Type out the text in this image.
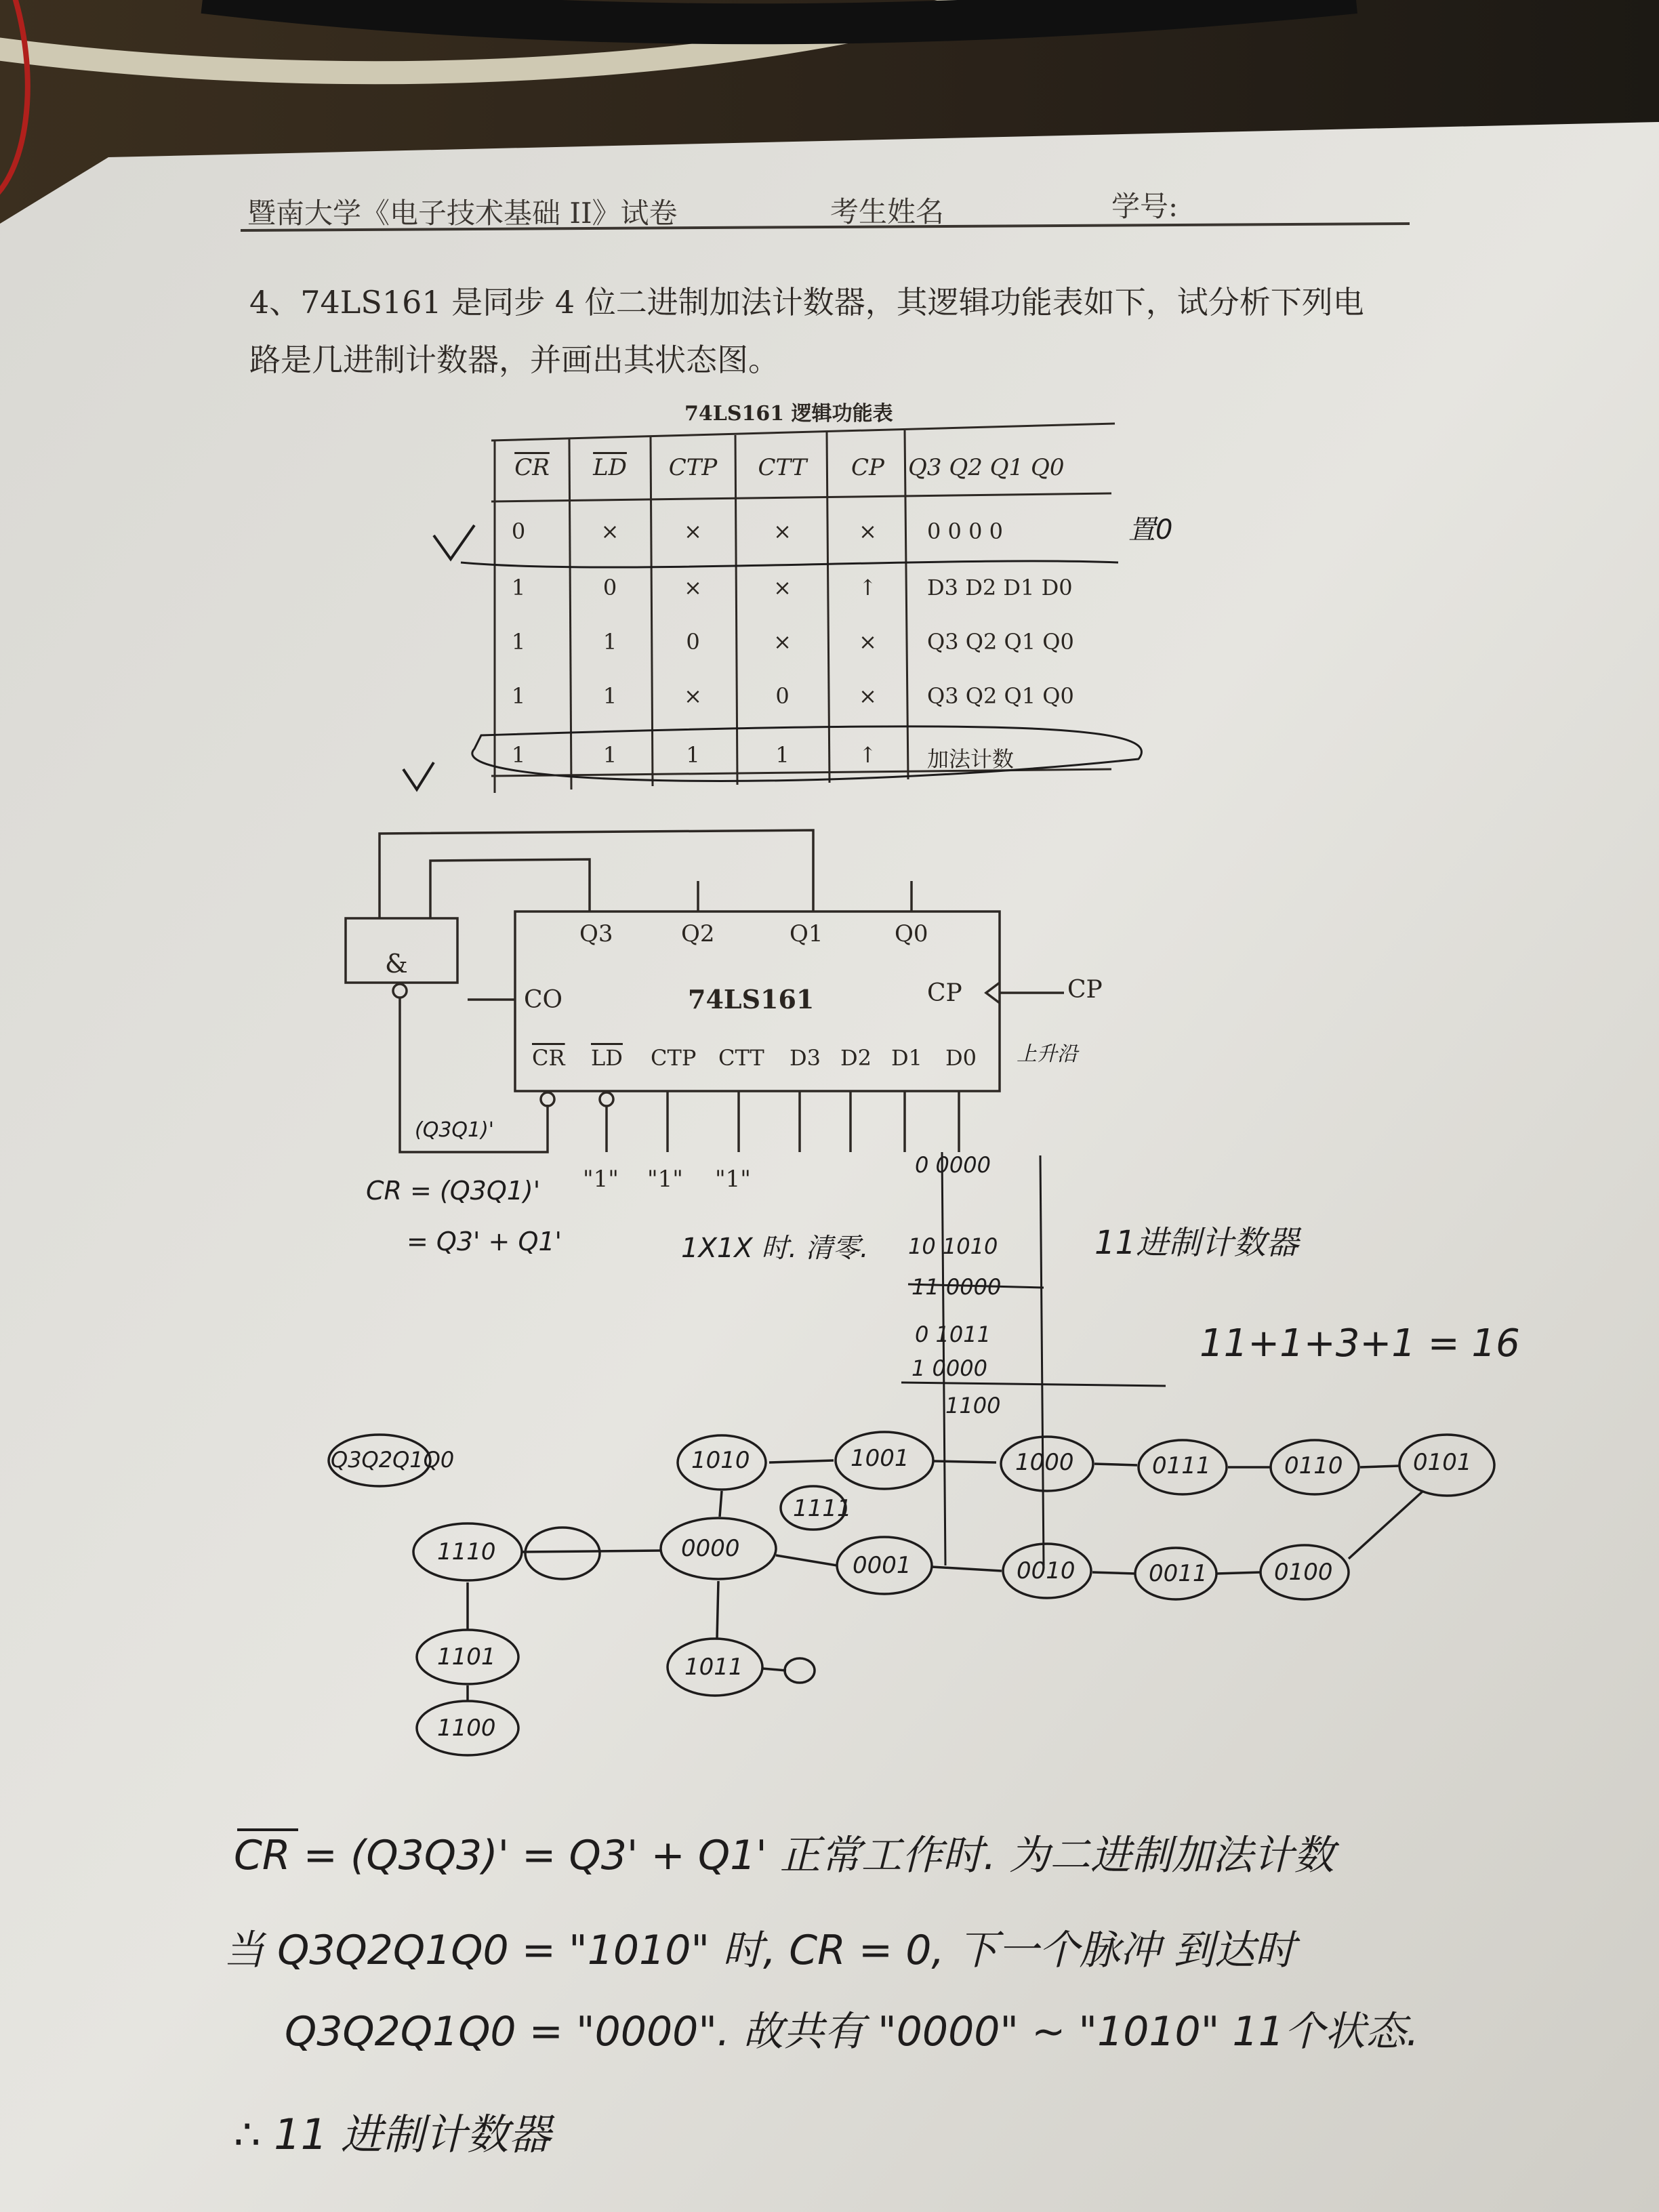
暨南大学《电子技术基础 II》试卷	考生姓名	学号:
4、74LS161 是同步 4 位二进制加法计数器，其逻辑功能表如下，试分析下列电
路是几进制计数器，并画出其状态图。
74LS161 逻辑功能表
$\overline{CR}$	$\overline{LD}$	CTP	CTT	CP	Q3 Q2 Q1 Q0
0	×	×	×	×	0 0 0 0
1	0	×	×	↑	D3 D2 D1 D0
1	1	0	×	×	Q3 Q2 Q1 Q0
1	1	×	0	×	Q3 Q2 Q1 Q0
1	1	1	1	↑	加法计数
置0
74LS161
&
CO	CP	CP
Q3	Q2	Q1	Q0
$\overline{CR}$ $\overline{LD}$ CTP CTT D3 D2 D1 D0
"1" "1" "1"
上升沿
(Q3Q1)'
CR = (Q3Q1)'
= Q3' + Q1'	1X1X 时. 清零.	11进制计数器
11+1+3+1 = 16
0 0000
10 1010
11 0000
0 1011
1 0000
1100
Q3Q2Q1Q0	1010	1001	1000	0111	0110	0101
0000
0001	0010	0011	0100
1110
1101
1100
1011
1111
CR = (Q3Q3)' = Q3' + Q1' 正常工作时. 为二进制加法计数
当 Q3Q2Q1Q0 = "1010" 时, CR = 0, 下一个脉冲 到达时
Q3Q2Q1Q0 = "0000". 故共有 "0000" ~ "1010" 11个状态.
∴ 11 进制计数器
